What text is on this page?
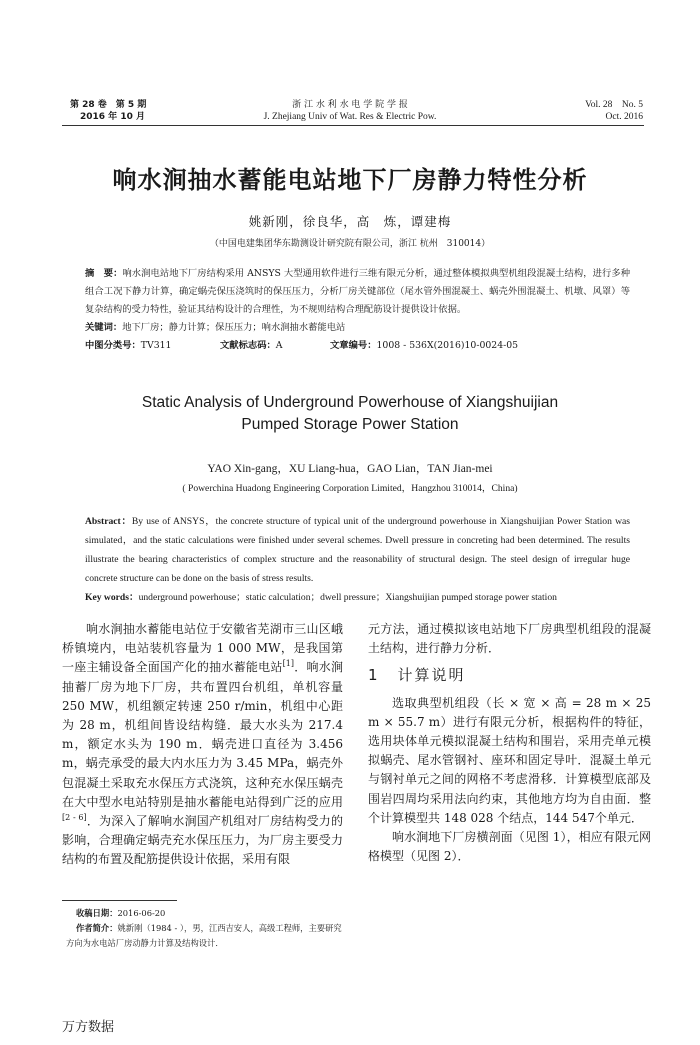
第 28 卷　第 5 期
2016 年 10 月
浙 江 水 利 水 电 学 院 学 报
J. Zhejiang Univ of Wat. Res & Electric Pow.
Vol. 28　No. 5
Oct. 2016
响水涧抽水蓄能电站地下厂房静力特性分析
姚新刚，徐良华，高　炼，谭建梅
（中国电建集团华东勘测设计研究院有限公司，浙江 杭州　310014）
摘　要：响水涧电站地下厂房结构采用 ANSYS 大型通用软件进行三维有限元分析，通过整体模拟典型机组段混凝土结构，进行多种组合工况下静力计算，确定蜗壳保压浇筑时的保压压力，分析厂房关键部位（尾水管外围混凝土、蜗壳外围混凝土、机墩、风罩）等复杂结构的受力特性，验证其结构设计的合理性，为不规则结构合理配筋设计提供设计依据。
关键词：地下厂房；静力计算；保压压力；响水涧抽水蓄能电站
中图分类号：TV311	文献标志码：A	文章编号：1008 - 536X(2016)10-0024-05
Static Analysis of Underground Powerhouse of Xiangshuijian
Pumped Storage Power Station
YAO Xin-gang，XU Liang-hua，GAO Lian，TAN Jian-mei
( Powerchina Huadong Engineering Corporation Limited，Hangzhou 310014，China)
Abstract：By use of ANSYS，the concrete structure of typical unit of the underground powerhouse in Xiangshuijian Power Station was simulated，and the static calculations were finished under several schemes. Dwell pressure in concreting had been determined. The results illustrate the bearing characteristics of complex structure and the reasonability of structural design. The steel design of irregular huge concrete structure can be done on the basis of stress results.
Key words：underground powerhouse；static calculation；dwell pressure；Xiangshuijian pumped storage power station

响水涧抽水蓄能电站位于安徽省芜湖市三山区峨桥镇境内，电站装机容量为 1 000 MW，是我国第一座主辅设备全面国产化的抽水蓄能电站[1]．响水涧抽蓄厂房为地下厂房，共布置四台机组，单机容量 250 MW，机组额定转速 250 r/min，机组中心距为 28 m，机组间皆设结构缝．最大水头为 217.4 m，额定水头为 190 m．蜗壳进口直径为 3.456 m，蜗壳承受的最大内水压力为 3.45 MPa，蜗壳外包混凝土采取充水保压方式浇筑，这种充水保压蜗壳在大中型水电站特别是抽水蓄能电站得到广泛的应用[2 - 6]．为深入了解响水涧国产机组对厂房结构受力的影响，合理确定蜗壳充水保压压力，为厂房主要受力结构的布置及配筋提供设计依据，采用有限

元方法，通过模拟该电站地下厂房典型机组段的混凝土结构，进行静力分析．

1 计算说明

选取典型机组段（长 × 宽 × 高 = 28 m × 25 m × 55.7 m）进行有限元分析，根据构件的特征，选用块体单元模拟混凝土结构和围岩，采用壳单元模拟蜗壳、尾水管钢衬、座环和固定导叶．混凝土单元与钢衬单元之间的网格不考虑滑移．计算模型底部及围岩四周均采用法向约束，其他地方均为自由面．整个计算模型共 148 028 个结点，144 547个单元．

响水涧地下厂房横剖面（见图 1），相应有限元网格模型（见图 2）．

收稿日期：2016-06-20
作者简介：姚新刚（1984 - ），男，江西吉安人，高级工程师，主要研究方向为水电站厂房动静力计算及结构设计．
万方数据
